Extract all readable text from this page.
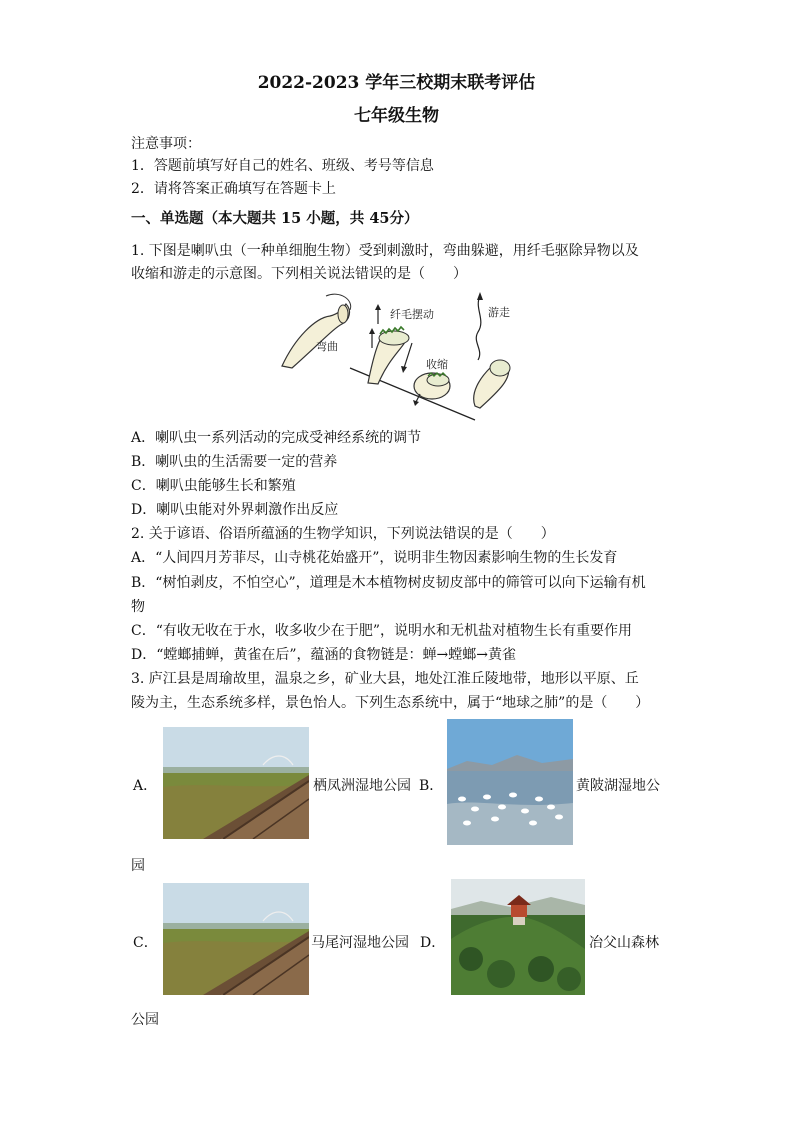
2022-2023 学年三校期末联考评估
七年级生物
注意事项：
1．答题前填写好自己的姓名、班级、考号等信息
2．请将答案正确填写在答题卡上
一、单选题（本大题共 15 小题，共 45分）
1. 下图是喇叭虫（一种单细胞生物）受到刺激时，弯曲躲避，用纤毛驱除异物以及
收缩和游走的示意图。下列相关说法错误的是（　　）
弯曲
纤毛摆动
收缩
游走
A．喇叭虫一系列活动的完成受神经系统的调节
B．喇叭虫的生活需要一定的营养
C．喇叭虫能够生长和繁殖
D．喇叭虫能对外界刺激作出反应
2. 关于谚语、俗语所蕴涵的生物学知识，下列说法错误的是（　　）
A．“人间四月芳菲尽，山寺桃花始盛开”，说明非生物因素影响生物的生长发育
B．“树怕剥皮，不怕空心”，道理是木本植物树皮韧皮部中的筛管可以向下运输有机
物
C．“有收无收在于水，收多收少在于肥”，说明水和无机盐对植物生长有重要作用
D．“螳螂捕蝉，黄雀在后”，蕴涵的食物链是：蝉→螳螂→黄雀
3. 庐江县是周瑜故里，温泉之乡，矿业大县，地处江淮丘陵地带，地形以平原、丘
陵为主，生态系统多样，景色怡人。下列生态系统中，属于“地球之肺”的是（　　）
A．	栖凤洲湿地公园 B．	黄陂湖湿地公
园
C．	马尾河湿地公园 D．	冶父山森林
公园
